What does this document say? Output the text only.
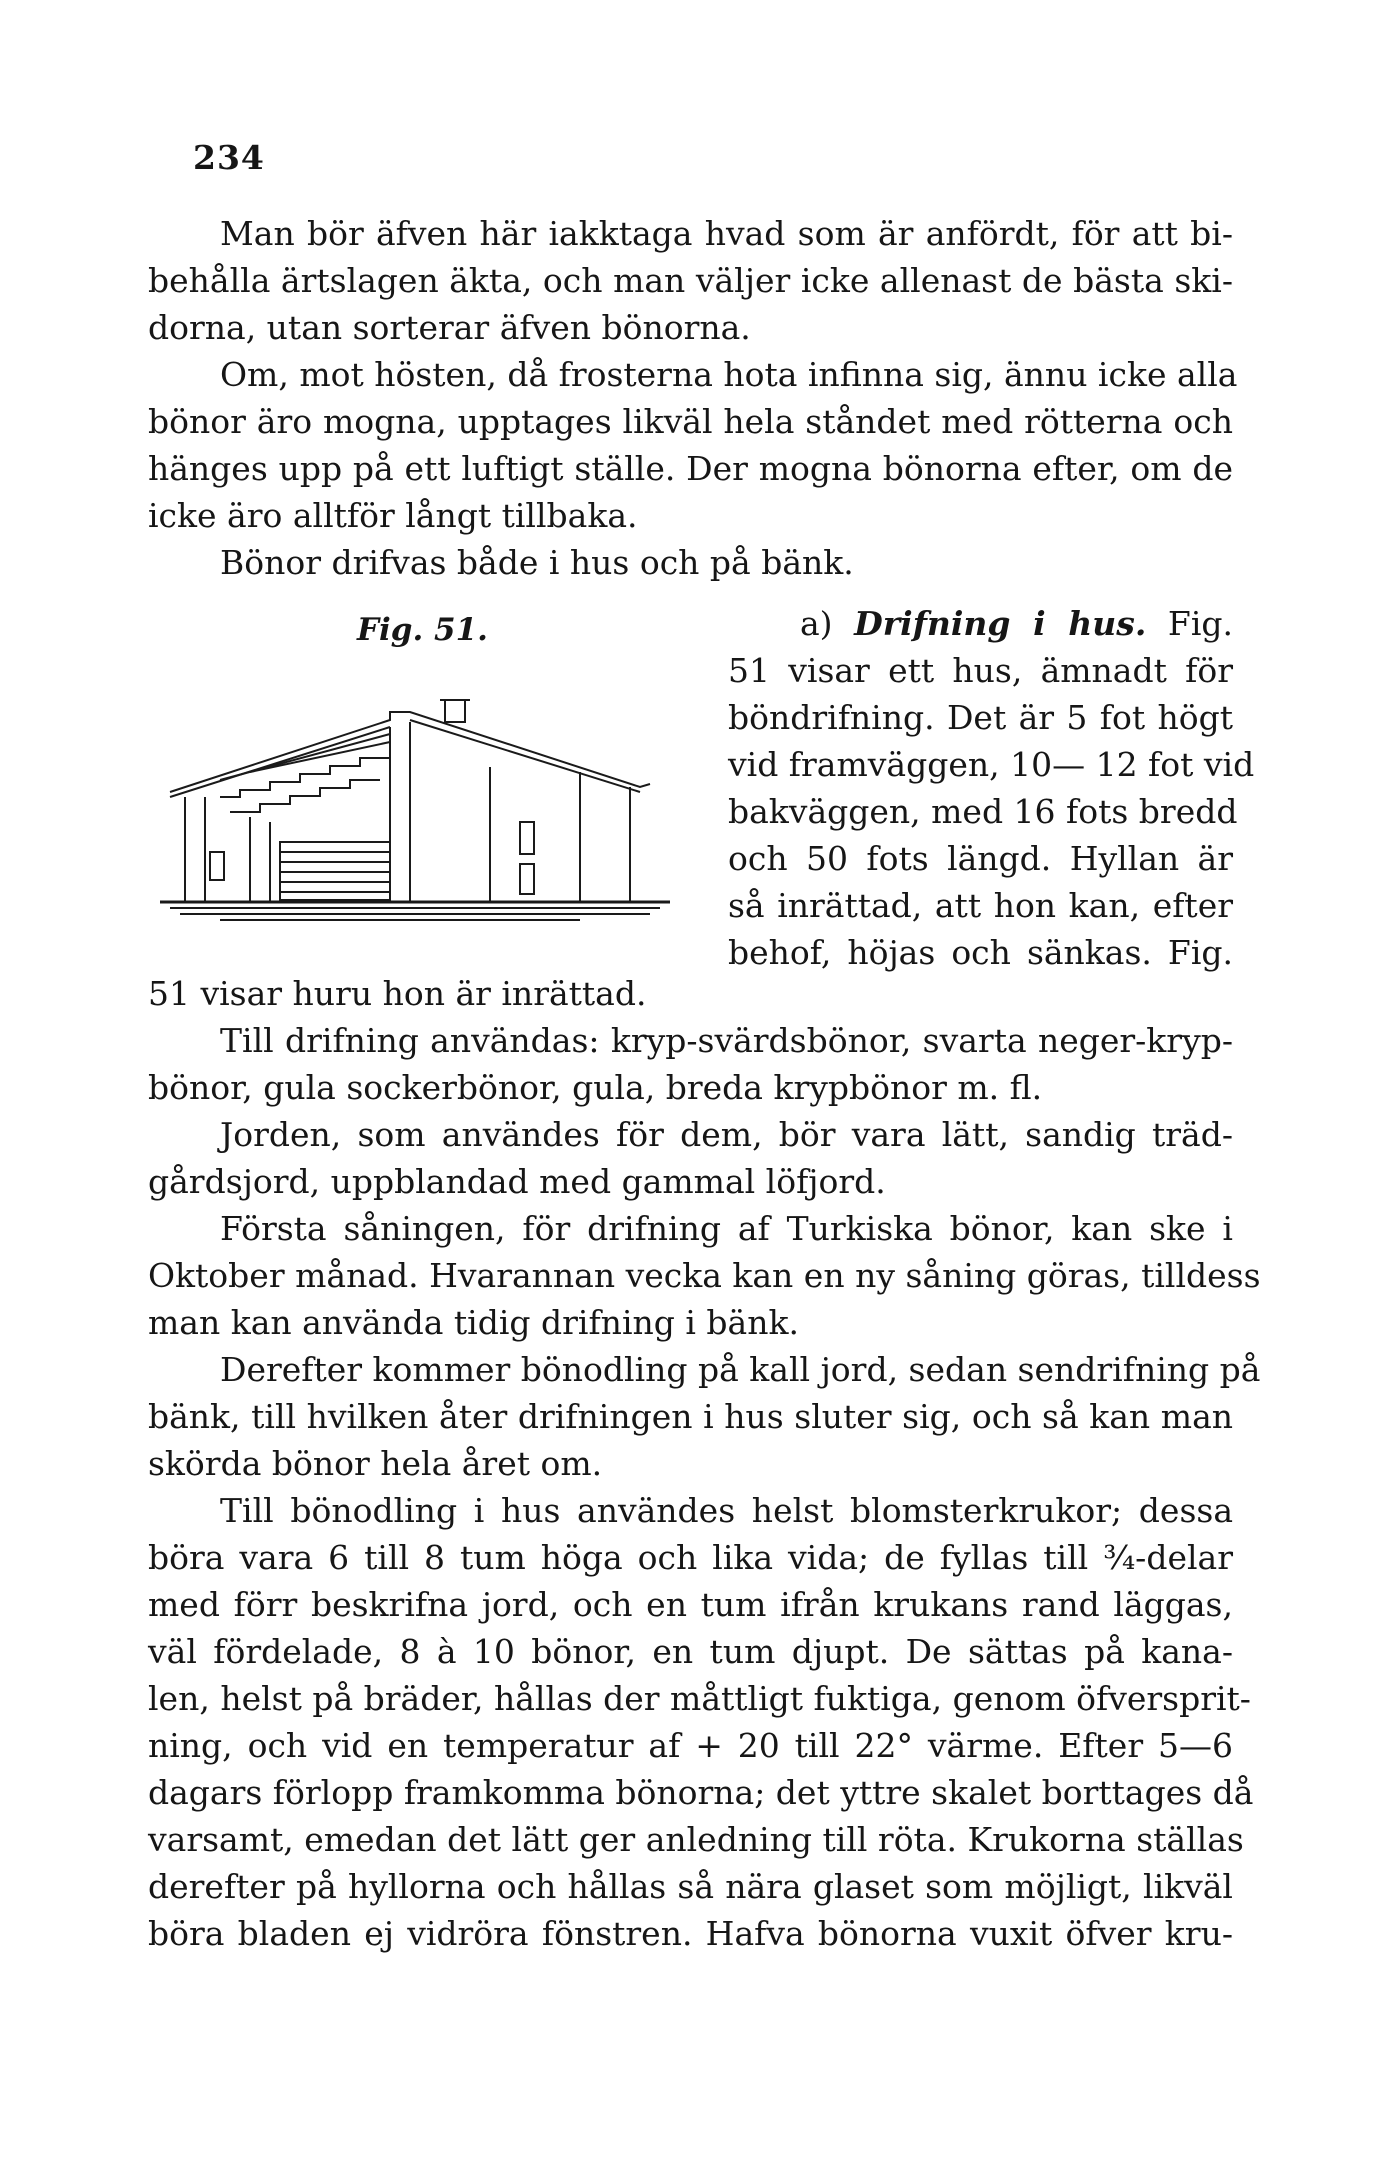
234
Man bör äfven här iakktaga hvad som är anfördt, för att bi-
behålla ärtslagen äkta, och man väljer icke allenast de bästa ski-
dorna, utan sorterar äfven bönorna.
Om, mot hösten, då frosterna hota infinna sig, ännu icke alla
bönor äro mogna, upptages likväl hela ståndet med rötterna och
hänges upp på ett luftigt ställe. Der mogna bönorna efter, om de
icke äro alltför långt tillbaka.
Bönor drifvas både i hus och på bänk.
Fig. 51.	a) Drifning i hus. Fig.
51 visar ett hus, ämnadt för
böndrifning. Det är 5 fot högt
vid framväggen, 10— 12 fot vid
bakväggen, med 16 fots bredd
och 50 fots längd. Hyllan är
så inrättad, att hon kan, efter
behof, höjas och sänkas. Fig.
51 visar huru hon är inrättad.
Till drifning användas: kryp-svärdsbönor, svarta neger-kryp-
bönor, gula sockerbönor, gula, breda krypbönor m. fl.
Jorden, som användes för dem, bör vara lätt, sandig träd-
gårdsjord, uppblandad med gammal löfjord.
Första såningen, för drifning af Turkiska bönor, kan ske i
Oktober månad. Hvarannan vecka kan en ny såning göras, tilldess
man kan använda tidig drifning i bänk.
Derefter kommer bönodling på kall jord, sedan sendrifning på
bänk, till hvilken åter drifningen i hus sluter sig, och så kan man
skörda bönor hela året om.
Till bönodling i hus användes helst blomsterkrukor; dessa
böra vara 6 till 8 tum höga och lika vida; de fyllas till ¾-delar
med förr beskrifna jord, och en tum ifrån krukans rand läggas,
väl fördelade, 8 à 10 bönor, en tum djupt. De sättas på kana-
len, helst på bräder, hållas der måttligt fuktiga, genom öfversprit-
ning, och vid en temperatur af + 20 till 22° värme. Efter 5—6
dagars förlopp framkomma bönorna; det yttre skalet borttages då
varsamt, emedan det lätt ger anledning till röta. Krukorna ställas
derefter på hyllorna och hållas så nära glaset som möjligt, likväl
böra bladen ej vidröra fönstren. Hafva bönorna vuxit öfver kru-
